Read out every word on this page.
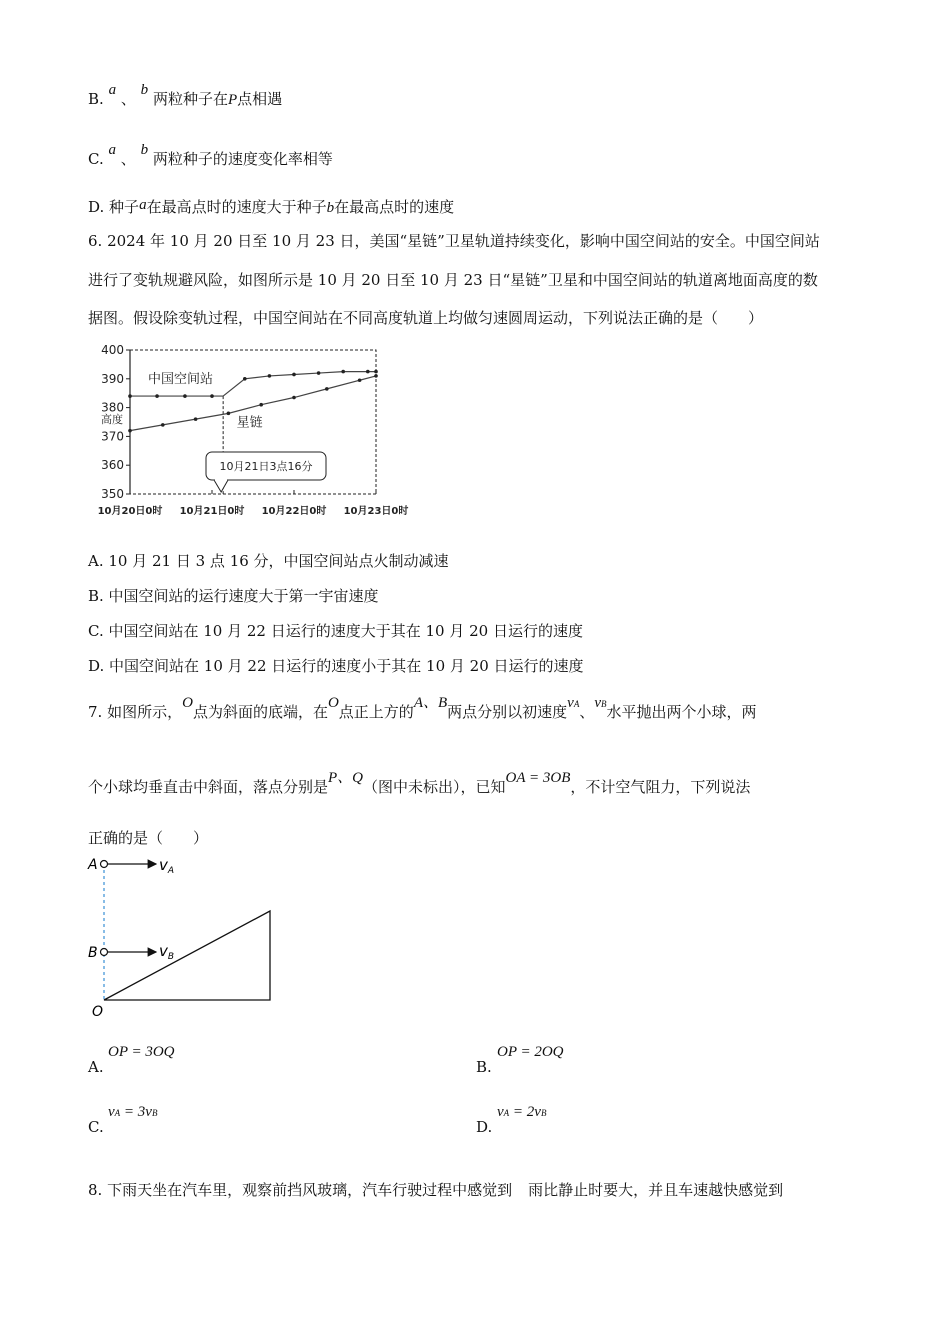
B. a 、 b 两粒种子在P点相遇
C. a 、 b 两粒种子的速度变化率相等
D. 种子a在最高点时的速度大于种子b在最高点时的速度
6. 2024 年 10 月 20 日至 10 月 23 日，美国“星链”卫星轨道持续变化，影响中国空间站的安全。中国空间站
进行了变轨规避风险，如图所示是 10 月 20 日至 10 月 23 日“星链”卫星和中国空间站的轨道离地面高度的数
据图。假设除变轨过程，中国空间站在不同高度轨道上均做匀速圆周运动，下列说法正确的是（　　）
400
390
380
370
360
350
高度
10月20日0时 10月21日0时 10月22日0时 10月23日0时
中国空间站
星链
10月21日3点16分
A. 10 月 21 日 3 点 16 分，中国空间站点火制动减速
B. 中国空间站的运行速度大于第一宇宙速度
C. 中国空间站在 10 月 22 日运行的速度大于其在 10 月 20 日运行的速度
D. 中国空间站在 10 月 22 日运行的速度小于其在 10 月 20 日运行的速度
7. 如图所示，O点为斜面的底端，在O点正上方的A、B两点分别以初速度vA、vB水平抛出两个小球，两
个小球均垂直击中斜面，落点分别是P、Q（图中未标出），已知OA = 3OB，不计空气阻力，下列说法
正确的是（　　）
A
B
O
$v_A$
$v_B$
A.
OP = 3OQ
B.
OP = 2OQ
C.
vA = 3vB
D.
vA = 2vB
8. 下雨天坐在汽车里，观察前挡风玻璃，汽车行驶过程中感觉到 雨比静止时要大，并且车速越快感觉到
